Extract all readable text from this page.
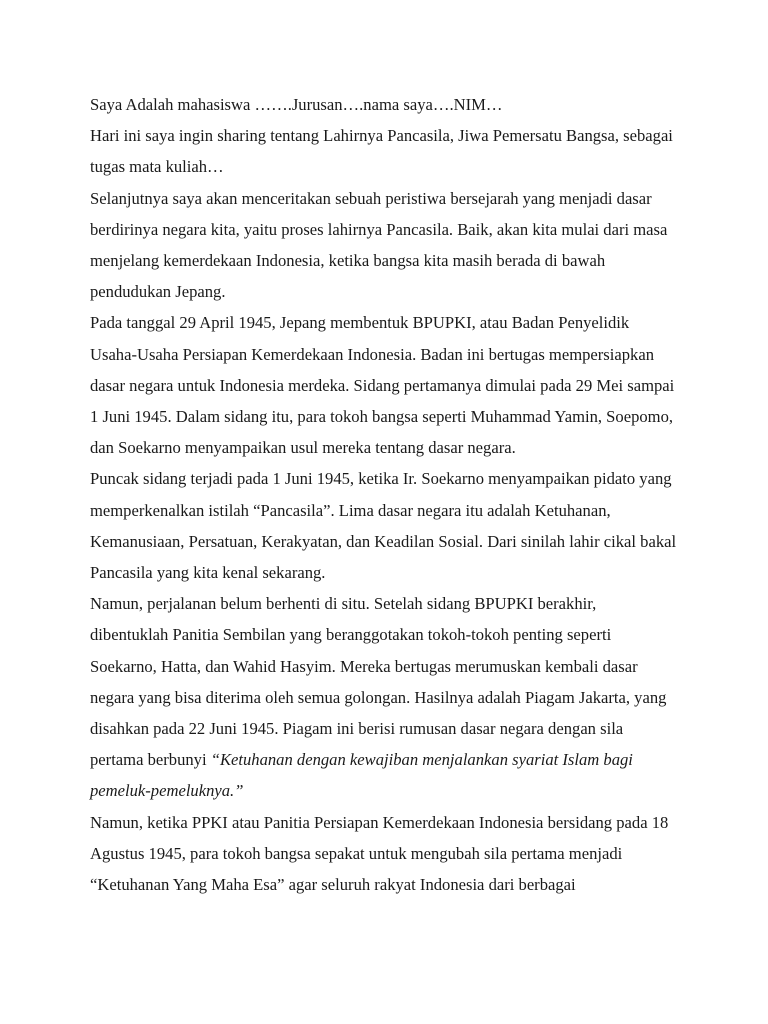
Saya Adalah mahasiswa …….Jurusan….nama saya….NIM…

Hari ini saya ingin sharing tentang Lahirnya Pancasila, Jiwa Pemersatu Bangsa, sebagai tugas mata kuliah…

Selanjutnya saya akan menceritakan sebuah peristiwa bersejarah yang menjadi dasar berdirinya negara kita, yaitu proses lahirnya Pancasila. Baik, akan kita mulai dari masa menjelang kemerdekaan Indonesia, ketika bangsa kita masih berada di bawah pendudukan Jepang.

Pada tanggal 29 April 1945, Jepang membentuk BPUPKI, atau Badan Penyelidik Usaha-Usaha Persiapan Kemerdekaan Indonesia. Badan ini bertugas mempersiapkan dasar negara untuk Indonesia merdeka. Sidang pertamanya dimulai pada 29 Mei sampai 1 Juni 1945. Dalam sidang itu, para tokoh bangsa seperti Muhammad Yamin, Soepomo, dan Soekarno menyampaikan usul mereka tentang dasar negara.

Puncak sidang terjadi pada 1 Juni 1945, ketika Ir. Soekarno menyampaikan pidato yang memperkenalkan istilah “Pancasila”. Lima dasar negara itu adalah Ketuhanan, Kemanusiaan, Persatuan, Kerakyatan, dan Keadilan Sosial. Dari sinilah lahir cikal bakal Pancasila yang kita kenal sekarang.

Namun, perjalanan belum berhenti di situ. Setelah sidang BPUPKI berakhir, dibentuklah Panitia Sembilan yang beranggotakan tokoh-tokoh penting seperti Soekarno, Hatta, dan Wahid Hasyim. Mereka bertugas merumuskan kembali dasar negara yang bisa diterima oleh semua golongan. Hasilnya adalah Piagam Jakarta, yang disahkan pada 22 Juni 1945. Piagam ini berisi rumusan dasar negara dengan sila pertama berbunyi “Ketuhanan dengan kewajiban menjalankan syariat Islam bagi pemeluk-pemeluknya.”

Namun, ketika PPKI atau Panitia Persiapan Kemerdekaan Indonesia bersidang pada 18 Agustus 1945, para tokoh bangsa sepakat untuk mengubah sila pertama menjadi “Ketuhanan Yang Maha Esa” agar seluruh rakyat Indonesia dari berbagai
